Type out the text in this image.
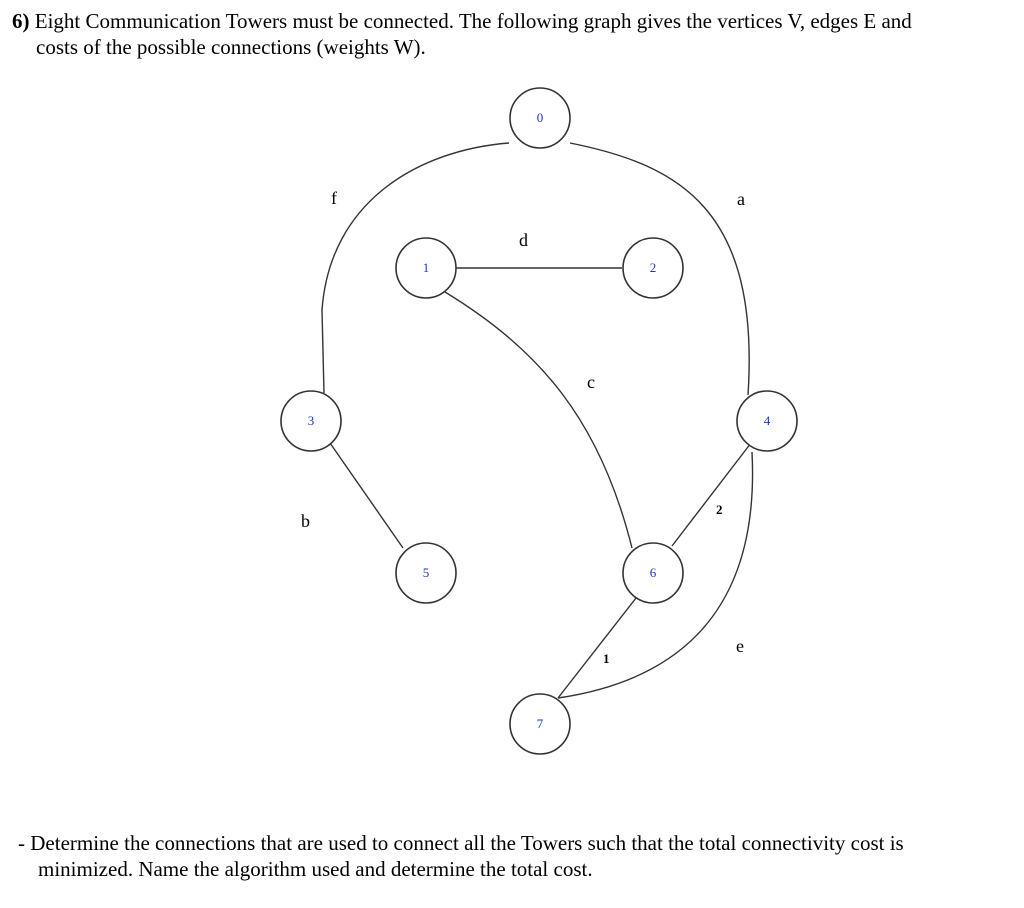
6) Eight Communication Towers must be connected. The following graph gives the vertices V, edges E and
costs of the possible connections (weights W).
f	a
d
c
b
2
e
1
0
1	2
3	4
5	6
7
- Determine the connections that are used to connect all the Towers such that the total connectivity cost is
minimized. Name the algorithm used and determine the total cost.
